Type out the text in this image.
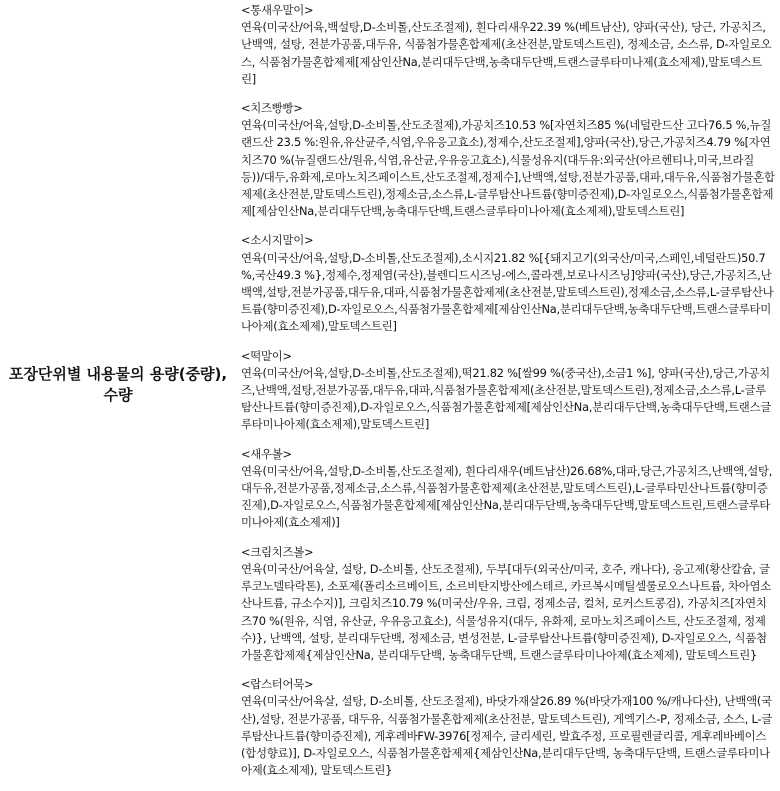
포장단위별 내용물의 용량(중량), 수량
<통새우말이>
연육(미국산/어육,백설탕,D-소비톨,산도조절제), 흰다리새우22.39 %(베트남산), 양파(국산), 당근, 가공치즈, 난백액, 설탕, 전분가공품,대두유, 식품첨가물혼합제제(초산전분,말토덱스트린), 정제소금, 소스류, D-자일로오스, 식품첨가물혼합제제[제삼인산Na,분리대두단백,농축대두단백,트랜스글루타미나제(효소제제),말토덱스트린]
<치즈빵빵>
연육(미국산/어육,설탕,D-소비톨,산도조절제),가공치즈10.53 %[자연치즈85 %(네덜란드산 고다76.5 %,뉴질랜드산 23.5 %:원유,유산균주,식염,우유응고효소),정제수,산도조절제],양파(국산),당근,가공치즈4.79 %[자연치즈70 %(뉴질랜드산/원유,식염,유산균,우유응고효소),식물성유지(대두유:외국산(아르헨티나,미국,브라질 등))/대두,유화제,로마노치즈페이스트,산도조절제,정제수],난백액,설탕,전분가공품,대파,대두유,식품첨가물혼합제제(초산전분,말토덱스트린),정제소금,소스류,L-글루탐산나트륨(향미증진제),D-자일로오스,식품첨가물혼합제제[제삼인산Na,분리대두단백,농축대두단백,트랜스글루타미나아제(효소제제),말토덱스트린]
<소시지말이>
연육(미국산/어육,설탕,D-소비톨,산도조절제),소시지21.82 %[{돼지고기(외국산/미국,스페인,네덜란드)50.7 %,국산49.3 %},정제수,정제염(국산),블렌디드시즈닝-에스,콜라겐,보로나시즈닝]양파(국산),당근,가공치즈,난백액,설탕,전분가공품,대두유,대파,식품첨가물혼합제제(초산전분,말토덱스트린),정제소금,소스류,L-글루탐산나트륨(향미증진제),D-자일로오스,식품첨가물혼합제제[제삼인산Na,분리대두단백,농축대두단백,트랜스글루타미나아제(효소제제),말토덱스트린]
<떡말이>
연육(미국산/어육,설탕,D-소비톨,산도조절제),떡21.82 %[쌀99 %(중국산),소금1 %], 양파(국산),당근,가공치즈,난백액,설탕,전분가공품,대두유,대파,식품첨가물혼합제제(초산전분,말토덱스트린),정제소금,소스류,L-글루탐산나트륨(향미증진제),D-자일로오스,식품첨가물혼합제제[제삼인산Na,분리대두단백,농축대두단백,트랜스글루타미나아제(효소제제),말토덱스트린]
<새우볼>
연육(미국산/어육,설탕,D-소비톨,산도조절제), 흰다리새우(베트남산)26.68%,대파,당근,가공치즈,난백액,설탕,대두유,전분가공품,정제소금,소스류,식품첨가물혼합제제(초산전분,말토덱스트린),L-글루타민산나트륨(향미증진제),D-자일로오스,식품첨가물혼합제제[제삼인산Na,분리대두단백,농축대두단백,말토덱스트린,트랜스글루타미나아제(효소제제)]
<크림치즈볼>
연육(미국산/어육살, 설탕, D-소비톨, 산도조절제), 두부[대두(외국산/미국, 호주, 캐나다), 응고제(황산칼슘, 글루코노델타락톤), 소포제(폴리소르베이트, 소르비탄지방산에스테르, 카르복시메틸셀룰로오스나트륨, 차아염소산나트륨, 규소수지)], 크림치즈10.79 %(미국산/우유, 크림, 정제소금, 컬처, 로커스트콩검), 가공치즈[자연치즈70 %(원유, 식염, 유산균, 우유응고효소), 식물성유지(대두, 유화제, 로마노치즈페이스트, 산도조절제, 정제수)}, 난백액, 설탕, 분리대두단백, 정제소금, 변성전분, L-글루탐산나트륨(향미증진제), D-자일로오스, 식품첨가물혼합제제{제삼인산Na, 분리대두단백, 농축대두단백, 트랜스글루타미나아제(효소제제), 말토덱스트린}
<랍스터어묵>
연육(미국산/어육살, 설탕, D-소비톨, 산도조절제), 바닷가재살26.89 %(바닷가재100 %/캐나다산), 난백액(국산),설탕, 전분가공품, 대두유, 식품첨가물혼합제제(초산전분, 말토덱스트린), 게엑기스-P, 정제소금, 소스, L-글루탐산나트륨(향미증진제), 게후레바FW-3976[정제수, 글리세린, 발효주정, 프로필렌글리콜, 게후레바베이스(합성향료)], D-자일로오스, 식품첨가물혼합제제{제삼인산Na,분리대두단백, 농축대두단백, 트랜스글루타미나아제(효소제제), 말토덱스트린}
